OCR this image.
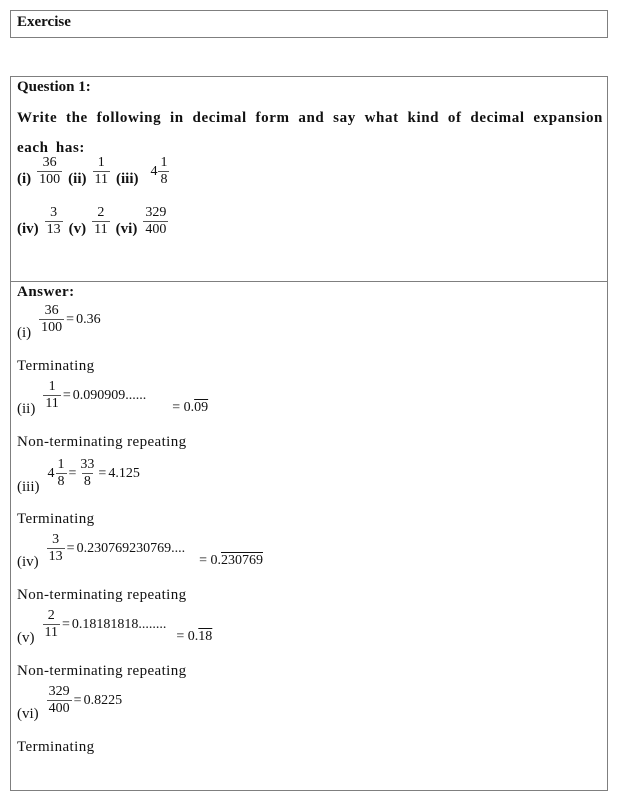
Exercise
Question 1:
Write the following in decimal form and say what kind of decimal expansion each has:
$(i) \frac{36}{100} (ii) \frac{1}{11} (iii)$ $4 \frac{1}{8}$
$(iv) \frac{3}{13} (v) \frac{2}{11} (vi) \frac{329}{400}$
Answer:
$(i) \frac{36}{100} = 0.36$
Terminating
$(ii) \frac{1}{11} = 0.090909$......
= 0.09
Non-terminating repeating
(iii)
$4 \frac{1}{8} = \frac{33}{8} = 4.125$
Terminating
$(iv) \frac{3}{13} = 0.230769230769$....
= 0.230769
Non-terminating repeating
$(v) \frac{2}{11} = 0.18181818$........
= 0.18
Non-terminating repeating
$(vi) \frac{329}{400} = 0.8225$
Terminating
